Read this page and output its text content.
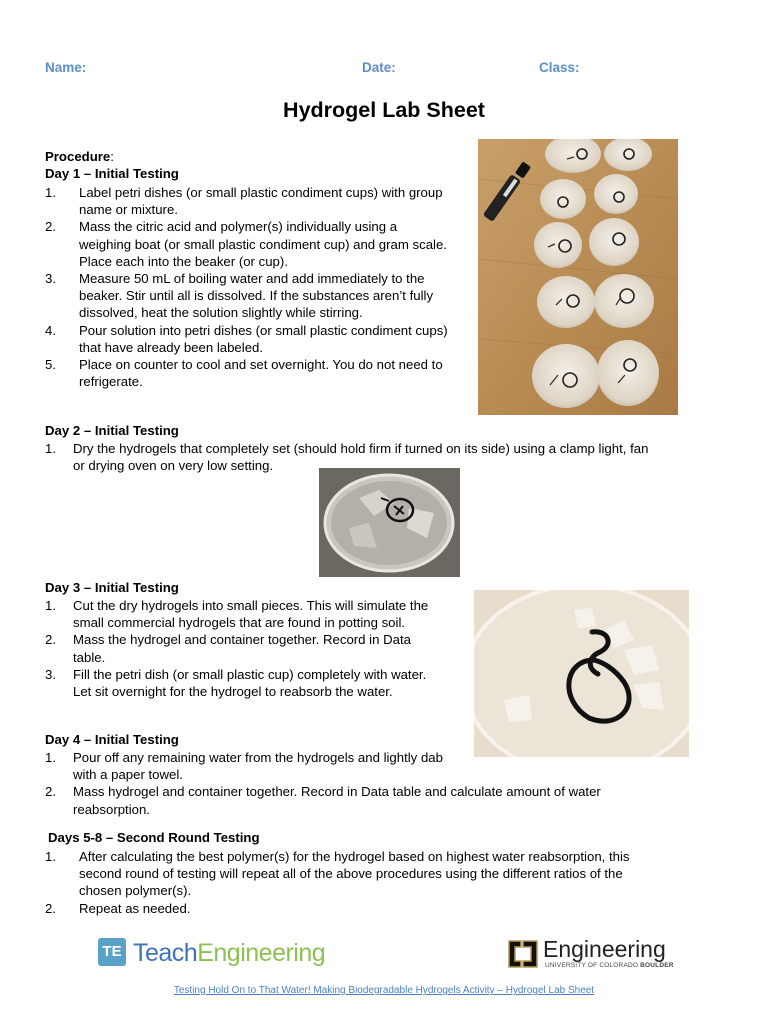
Name:	Date:	Class:
Hydrogel Lab Sheet
Procedure:
Day 1 – Initial Testing
1. Label petri dishes (or small plastic condiment cups) with group
name or mixture.
2. Mass the citric acid and polymer(s) individually using a
weighing boat (or small plastic condiment cup) and gram scale.
Place each into the beaker (or cup).
3. Measure 50 mL of boiling water and add immediately to the
beaker. Stir until all is dissolved. If the substances aren’t fully
dissolved, heat the solution slightly while stirring.
4. Pour solution into petri dishes (or small plastic condiment cups)
that have already been labeled.
5. Place on counter to cool and set overnight. You do not need to
refrigerate.
Day 2 – Initial Testing
1. Dry the hydrogels that completely set (should hold firm if turned on its side) using a clamp light, fan
or drying oven on very low setting.
Day 3 – Initial Testing
1. Cut the dry hydrogels into small pieces. This will simulate the
small commercial hydrogels that are found in potting soil.
2. Mass the hydrogel and container together. Record in Data
table.
3. Fill the petri dish (or small plastic cup) completely with water.
Let sit overnight for the hydrogel to reabsorb the water.
Day 4 – Initial Testing
1. Pour off any remaining water from the hydrogels and lightly dab
with a paper towel.
2. Mass hydrogel and container together. Record in Data table and calculate amount of water
reabsorption.
Days 5-8 – Second Round Testing
1. After calculating the best polymer(s) for the hydrogel based on highest water reabsorption, this
second round of testing will repeat all of the above procedures using the different ratios of the
chosen polymer(s).
2. Repeat as needed.
TE TeachEngineering	Engineering
UNIVERSITY OF COLORADO BOULDER
Testing Hold On to That Water! Making Biodegradable Hydrogels Activity – Hydrogel Lab Sheet
